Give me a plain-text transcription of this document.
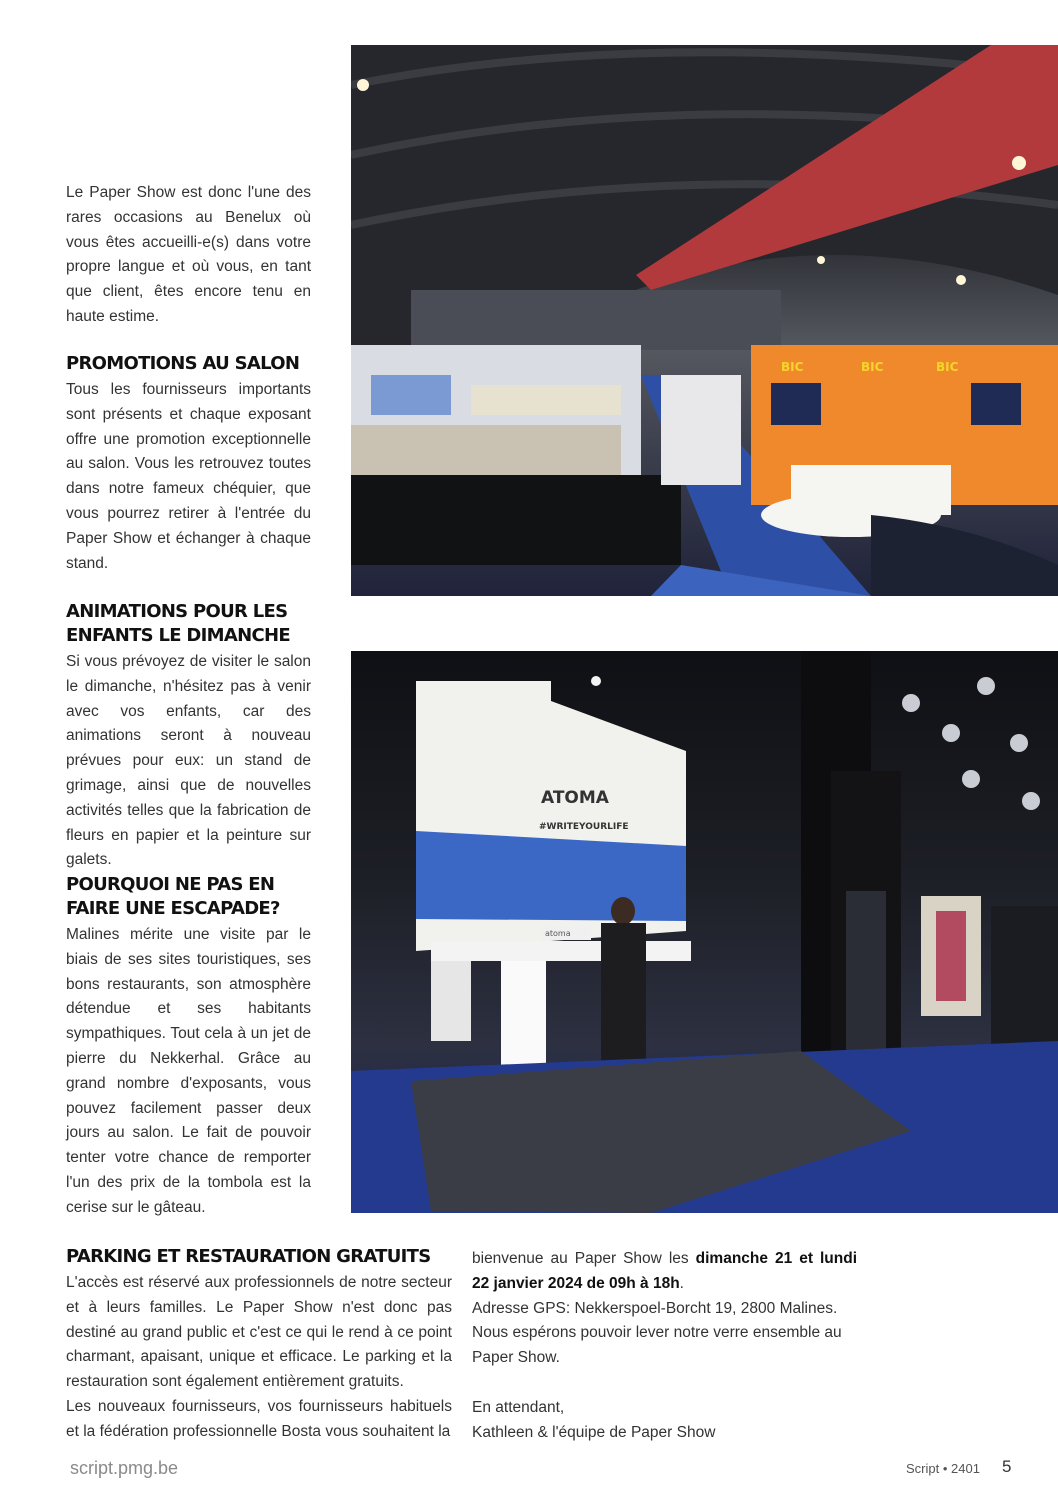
Le Paper Show est donc l'une des rares occasions au Benelux où vous êtes accueilli-e(s) dans votre propre langue et où vous, en tant que client, êtes encore tenu en haute estime.

PROMOTIONS AU SALON

Tous les fournisseurs importants sont présents et chaque exposant offre une promotion exceptionnelle au salon. Vous les retrouvez toutes dans notre fameux chéquier, que vous pourrez retirer à l'entrée du Paper Show et échanger à chaque stand.

ANIMATIONS POUR LES ENFANTS LE DIMANCHE

Si vous prévoyez de visiter le salon le dimanche, n'hésitez pas à venir avec vos enfants, car des animations seront à nouveau prévues pour eux: un stand de grimage, ainsi que de nouvelles activités telles que la fabrication de fleurs en papier et la peinture sur galets.

POURQUOI NE PAS EN FAIRE UNE ESCAPADE?

Malines mérite une visite par le biais de ses sites touristiques, ses bons restaurants, son atmosphère détendue et ses habitants sympathiques. Tout cela à un jet de pierre du Nekkerhal. Grâce au grand nombre d'exposants, vous pouvez facilement passer deux jours au salon. Le fait de pouvoir tenter votre chance de remporter l'un des prix de la tombola est la cerise sur le gâteau.

BIC	BIC	BIC
ATOMA
#WRITEYOURLIFE
atoma
PARKING ET RESTAURATION GRATUITS

L'accès est réservé aux professionnels de notre secteur et à leurs familles. Le Paper Show n'est donc pas destiné au grand public et c'est ce qui le rend à ce point charmant, apaisant, unique et efficace. Le parking et la restauration sont également entièrement gratuits.

Les nouveaux fournisseurs, vos fournisseurs habituels et la fédération professionnelle Bosta vous souhaitent la

bienvenue au Paper Show les dimanche 21 et lundi 22 janvier 2024 de 09h à 18h.

Adresse GPS: Nekkerspoel-Borcht 19, 2800 Malines.

Nous espérons pouvoir lever notre verre ensemble au Paper Show.

En attendant,

Kathleen & l'équipe de Paper Show

script.pmg.be	Script • 2401 5
